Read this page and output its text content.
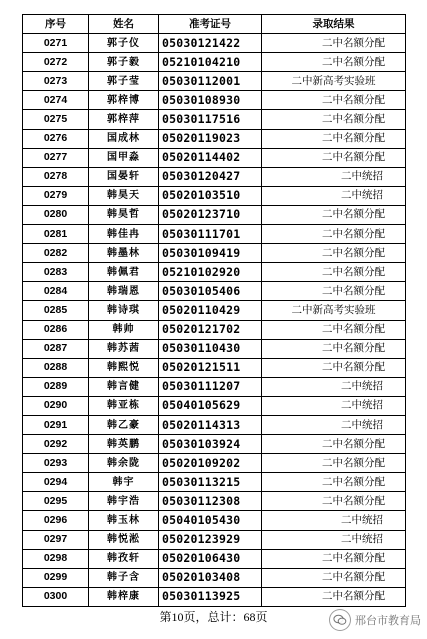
序号	姓名	准考证号	录取结果
0271	郭子仪	05030121422	二中名额分配
0272	郭子毅	05210104210	二中名额分配
0273	郭子莹	05030112001	二中新高考实验班
0274	郭梓博	05030108930	二中名额分配
0275	郭梓萍	05030117516	二中名额分配
0276	国成林	05020119023	二中名额分配
0277	国甲淼	05020114402	二中名额分配
0278	国晏轩	05030120427	二中统招
0279	韩昊天	05020103510	二中统招
0280	韩昊哲	05020123710	二中名额分配
0281	韩佳冉	05030111701	二中名额分配
0282	韩墨林	05030109419	二中名额分配
0283	韩佩君	05210102920	二中名额分配
0284	韩瑞恩	05030105406	二中名额分配
0285	韩诗琪	05020110429	二中新高考实验班
0286	韩帅	05020121702	二中名额分配
0287	韩苏茜	05030110430	二中名额分配
0288	韩熙悦	05020121511	二中名额分配
0289	韩言健	05030111207	二中统招
0290	韩亚栋	05040105629	二中统招
0291	韩乙豪	05020114313	二中统招
0292	韩英鹏	05030103924	二中名额分配
0293	韩余陇	05020109202	二中名额分配
0294	韩宇	05030113215	二中名额分配
0295	韩宇浩	05030112308	二中名额分配
0296	韩玉林	05040105430	二中统招
0297	韩悦淞	05020123929	二中统招
0298	韩孜轩	05020106430	二中名额分配
0299	韩子含	05020103408	二中名额分配
0300	韩梓康	05030113925	二中名额分配
第10页，总计：68页	邢台市教育局
